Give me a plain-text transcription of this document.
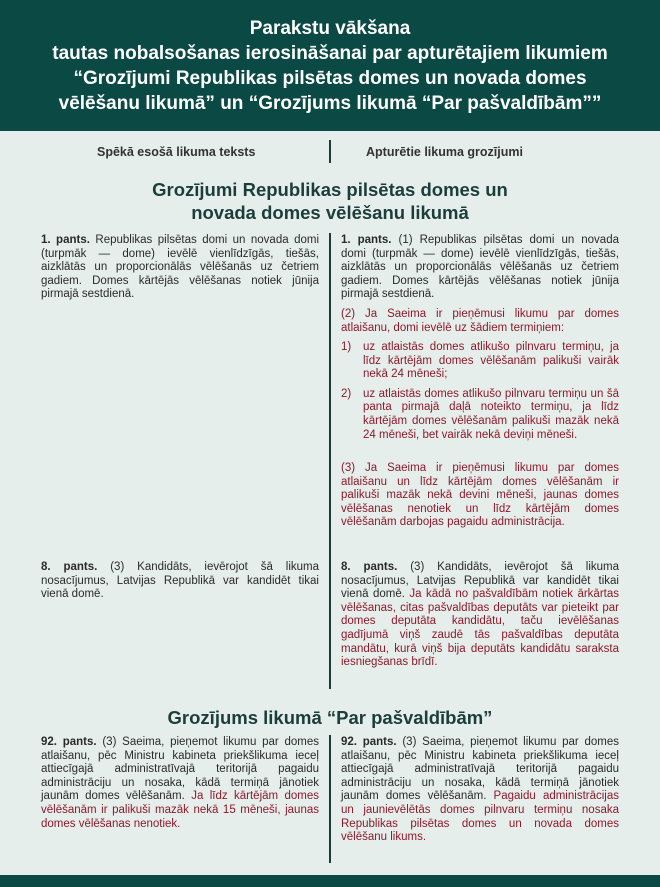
Parakstu vākšana
tautas nobalsošanas ierosināšanai par apturētajiem likumiem
“Grozījumi Republikas pilsētas domes un novada domes
vēlēšanu likumā” un “Grozījums likumā “Par pašvaldībām””
Spēkā esošā likuma teksts	Apturētie likuma grozījumi
Grozījumi Republikas pilsētas domes un
novada domes vēlēšanu likumā

1. pants. Republikas pilsētas domi un novada domi (turpmāk — dome) ievēlē vienlīdzīgās, tiešās, aizklātās un proporcionālās vēlēšanās uz četriem gadiem. Domes kārtējās vēlēšanas notiek jūnija pirmajā sestdienā.

1. pants. (1) Republikas pilsētas domi un novada domi (turpmāk — dome) ievēlē vienlīdzīgās, tiešās, aizklātās un proporcionālās vēlēšanās uz četriem gadiem. Domes kārtējās vēlēšanas notiek jūnija pirmajā sestdienā.

(2) Ja Saeima ir pieņēmusi likumu par domes atlaišanu, domi ievēlē uz šādiem termiņiem:

1) uz atlaistās domes atlikušo pilnvaru termiņu, ja līdz kārtējām domes vēlēšanām palikuši vairāk nekā 24 mēneši;
2) uz atlaistās domes atlikušo pilnvaru termiņu un šā panta pirmajā daļā noteikto termiņu, ja līdz kārtējām domes vēlēšanām palikuši mazāk nekā 24 mēneši, bet vairāk nekā deviņi mēneši.

(3) Ja Saeima ir pieņēmusi likumu par domes atlaišanu un līdz kārtējām domes vēlēšanām ir palikuši mazāk nekā devini mēneši, jaunas domes vēlēšanas nenotiek un līdz kārtējām domes vēlēšanām darbojas pagaidu administrācija.

8. pants. (3) Kandidāts, ievērojot šā likuma nosacījumus, Latvijas Republikā var kandidēt tikai vienā domē.

8. pants. (3) Kandidāts, ievērojot šā likuma nosacījumus, Latvijas Republikā var kandidēt tikai vienā domē. Ja kādā no pašvaldībām notiek ārkārtas vēlēšanas, citas pašvaldības deputāts var pieteikt par domes deputāta kandidātu, taču ievēlēšanas gadījumā viņš zaudē tās pašvaldības deputāta mandātu, kurā viņš bija deputāts kandidātu saraksta iesniegšanas brīdī.

Grozījums likumā “Par pašvaldībām”

92. pants. (3) Saeima, pieņemot likumu par domes atlaišanu, pēc Ministru kabineta priekšlikuma ieceļ attiecīgajā administratīvajā teritorijā pagaidu administrāciju un nosaka, kādā termiņā jānotiek jaunām domes vēlēšanām. Ja līdz kārtējām domes vēlēšanām ir palikuši mazāk nekā 15 mēneši, jaunas domes vēlēšanas nenotiek.

92. pants. (3) Saeima, pieņemot likumu par domes atlaišanu, pēc Ministru kabineta priekšlikuma ieceļ attiecīgajā administratīvajā teritorijā pagaidu administrāciju un nosaka, kādā termiņā jānotiek jaunām domes vēlēšanām. Pagaidu administrācijas un jaunievēlētās domes pilnvaru termiņu nosaka Republikas pilsētas domes un novada domes vēlēšanu likums.
